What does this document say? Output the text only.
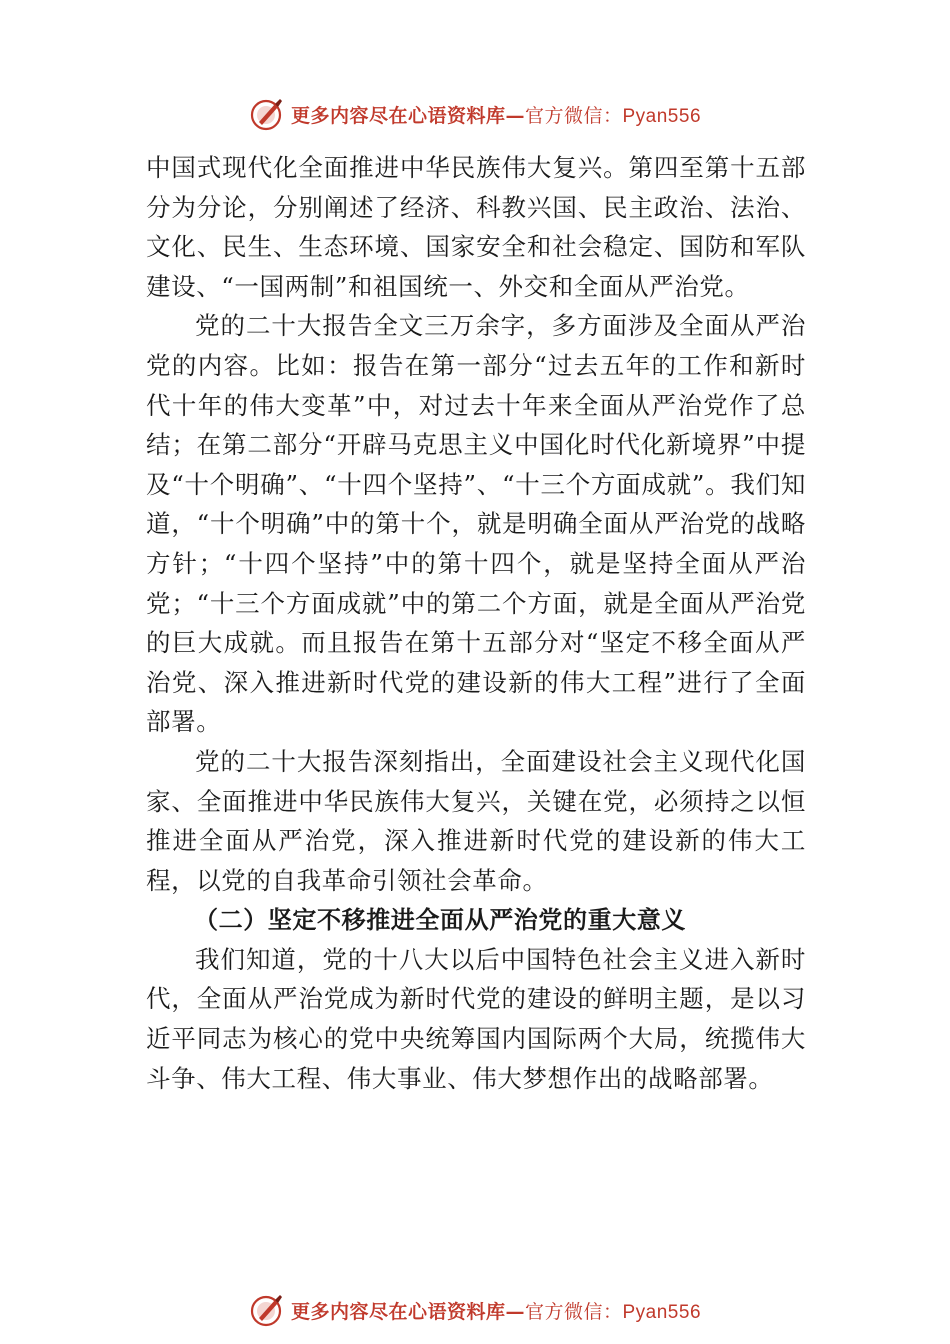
更多内容尽在心语资料库—官方微信：Pyan556

中国式现代化全面推进中华民族伟大复兴。第四至第十五部分为分论，分别阐述了经济、科教兴国、民主政治、法治、 文化、民生、生态环境、国家安全和社会稳定、国防和军队建设、“一国两制”和祖国统一、外交和全面从严治党。

党的二十大报告全文三万余字，多方面涉及全面从严治党的内容。比如：报告在第一部分“过去五年的工作和新时代十年的伟大变革”中，对过去十年来全面从严治党作了总结；在第二部分“开辟马克思主义中国化时代化新境界”中提及“十个明确”、“十四个坚持”、“十三个方面成就”。我们知道，“十个明确”中的第十个，就是明确全面从严治党的战略方针；“十四个坚持”中的第十四个，就是坚持全面从严治党；“十三个方面成就”中的第二个方面，就是全面从严治党的巨大成就。而且报告在第十五部分对“坚定不移全面从严治党、深入推进新时代党的建设新的伟大工程”进行了全面部署。

党的二十大报告深刻指出，全面建设社会主义现代化国家、全面推进中华民族伟大复兴，关键在党，必须持之以恒推进全面从严治党，深入推进新时代党的建设新的伟大工程，以党的自我革命引领社会革命。

（二）坚定不移推进全面从严治党的重大意义

我们知道，党的十八大以后中国特色社会主义进入新时代，全面从严治党成为新时代党的建设的鲜明主题，是以习近平同志为核心的党中央统筹国内国际两个大局，统揽伟大斗争、伟大工程、伟大事业、伟大梦想作出的战略部署。

更多内容尽在心语资料库—官方微信：Pyan556
